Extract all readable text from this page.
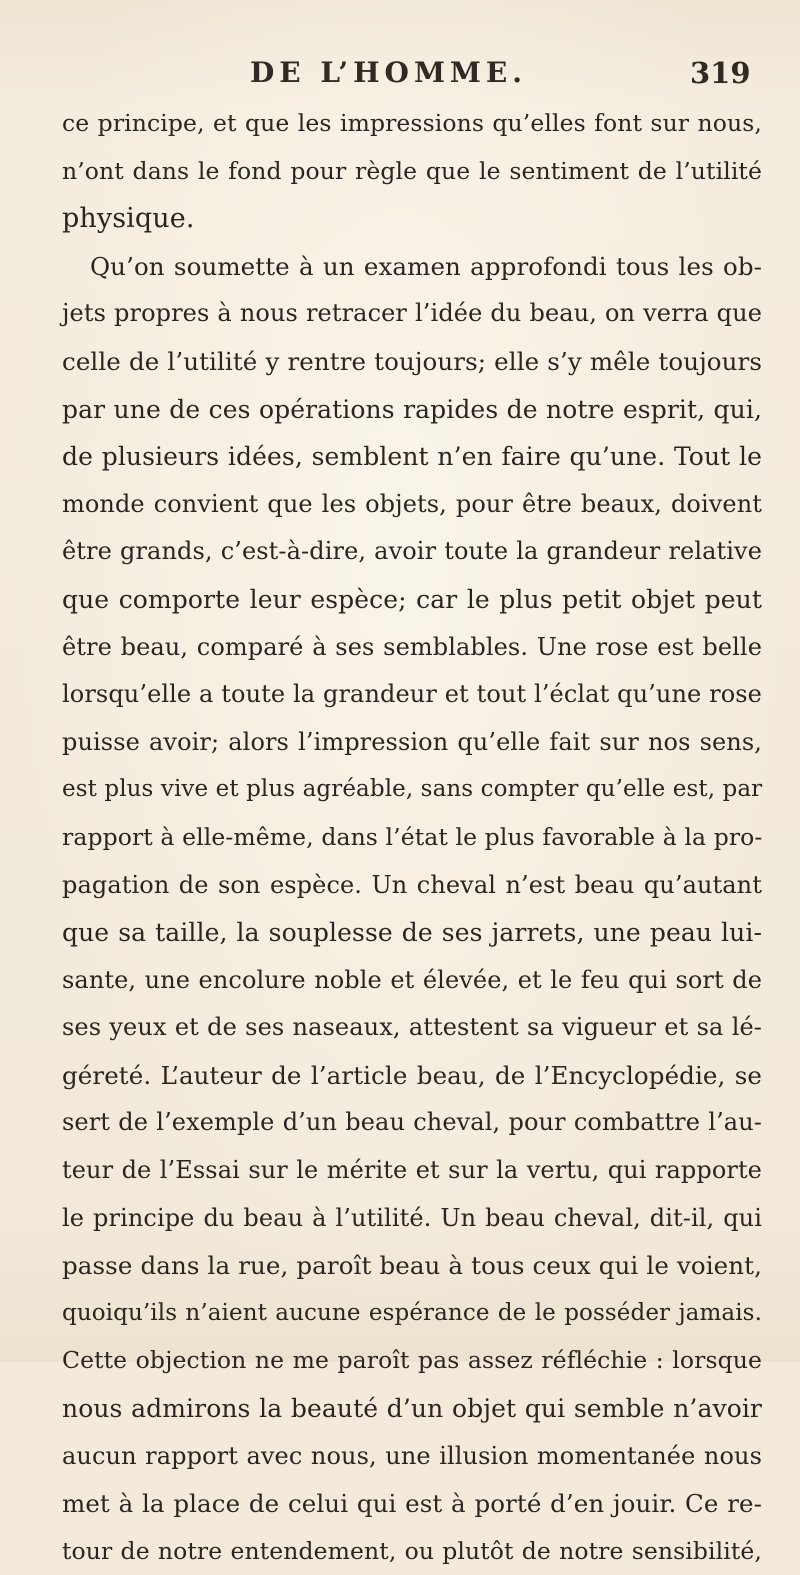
DE L’HOMME.	319
ce principe, et que les impressions qu’elles font sur nous,
n’ont dans le fond pour règle que le sentiment de l’utilité
physique.
Qu’on soumette à un examen approfondi tous les ob-
jets propres à nous retracer l’idée du beau, on verra que
celle de l’utilité y rentre toujours; elle s’y mêle toujours
par une de ces opérations rapides de notre esprit, qui,
de plusieurs idées, semblent n’en faire qu’une. Tout le
monde convient que les objets, pour être beaux, doivent
être grands, c’est-à-dire, avoir toute la grandeur relative
que comporte leur espèce; car le plus petit objet peut
être beau, comparé à ses semblables. Une rose est belle
lorsqu’elle a toute la grandeur et tout l’éclat qu’une rose
puisse avoir; alors l’impression qu’elle fait sur nos sens,
est plus vive et plus agréable, sans compter qu’elle est, par
rapport à elle-même, dans l’état le plus favorable à la pro-
pagation de son espèce. Un cheval n’est beau qu’autant
que sa taille, la souplesse de ses jarrets, une peau lui-
sante, une encolure noble et élevée, et le feu qui sort de
ses yeux et de ses naseaux, attestent sa vigueur et sa lé-
géreté. L’auteur de l’article beau, de l’Encyclopédie, se
sert de l’exemple d’un beau cheval, pour combattre l’au-
teur de l’Essai sur le mérite et sur la vertu, qui rapporte
le principe du beau à l’utilité. Un beau cheval, dit-il, qui
passe dans la rue, paroît beau à tous ceux qui le voient,
quoiqu’ils n’aient aucune espérance de le posséder jamais.
Cette objection ne me paroît pas assez réfléchie : lorsque
nous admirons la beauté d’un objet qui semble n’avoir
aucun rapport avec nous, une illusion momentanée nous
met à la place de celui qui est à porté d’en jouir. Ce re-
tour de notre entendement, ou plutôt de notre sensibilité,
